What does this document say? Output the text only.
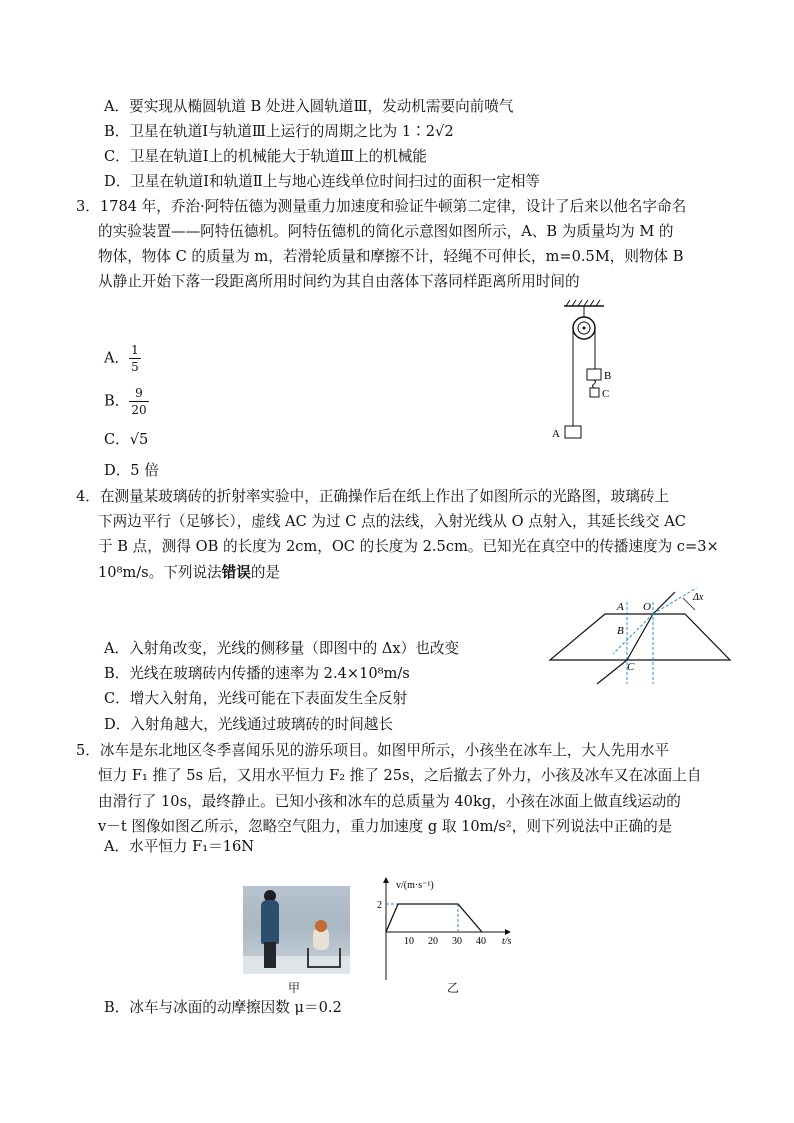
A．要实现从椭圆轨道 B 处进入圆轨道Ⅲ，发动机需要向前喷气
B．卫星在轨道Ⅰ与轨道Ⅲ上运行的周期之比为 1∶2√2
C．卫星在轨道Ⅰ上的机械能大于轨道Ⅲ上的机械能
D．卫星在轨道Ⅰ和轨道Ⅱ上与地心连线单位时间扫过的面积一定相等
3．1784 年，乔治·阿特伍德为测量重力加速度和验证牛顿第二定律，设计了后来以他名字命名
的实验装置——阿特伍德机。阿特伍德机的简化示意图如图所示，A、B 为质量均为 M 的
物体，物体 C 的质量为 m，若滑轮质量和摩擦不计，轻绳不可伸长，m=0.5M，则物体 B
从静止开始下落一段距离所用时间约为其自由落体下落同样距离所用时间的
A． $\frac{1}{5}$
B． $\frac{9}{20}$
C．√5
D．5 倍
B
C
A
4．在测量某玻璃砖的折射率实验中，正确操作后在纸上作出了如图所示的光路图，玻璃砖上
下两边平行（足够长），虚线 AC 为过 C 点的法线，入射光线从 O 点射入，其延长线交 AC
于 B 点，测得 OB 的长度为 2cm，OC 的长度为 2.5cm。已知光在真空中的传播速度为 c=3×
10⁸m/s。下列说法错误的是
A．入射角改变，光线的侧移量（即图中的 Δx）也改变
B．光线在玻璃砖内传播的速率为 2.4×10⁸m/s
C．增大入射角，光线可能在下表面发生全反射
D．入射角越大，光线通过玻璃砖的时间越长
Δx
A O
B
C
5．冰车是东北地区冬季喜闻乐见的游乐项目。如图甲所示，小孩坐在冰车上，大人先用水平
恒力 F₁ 推了 5s 后，又用水平恒力 F₂ 推了 25s，之后撤去了外力，小孩及冰车又在冰面上自
由滑行了 10s，最终静止。已知小孩和冰车的总质量为 40kg，小孩在冰面上做直线运动的
v－t 图像如图乙所示，忽略空气阻力，重力加速度 g 取 10m/s²，则下列说法中正确的是
A．水平恒力 F₁＝16N
甲
v/(m·s⁻¹)
t/s
10 20 30 40
2
乙
B．冰车与冰面的动摩擦因数 μ＝0.2
